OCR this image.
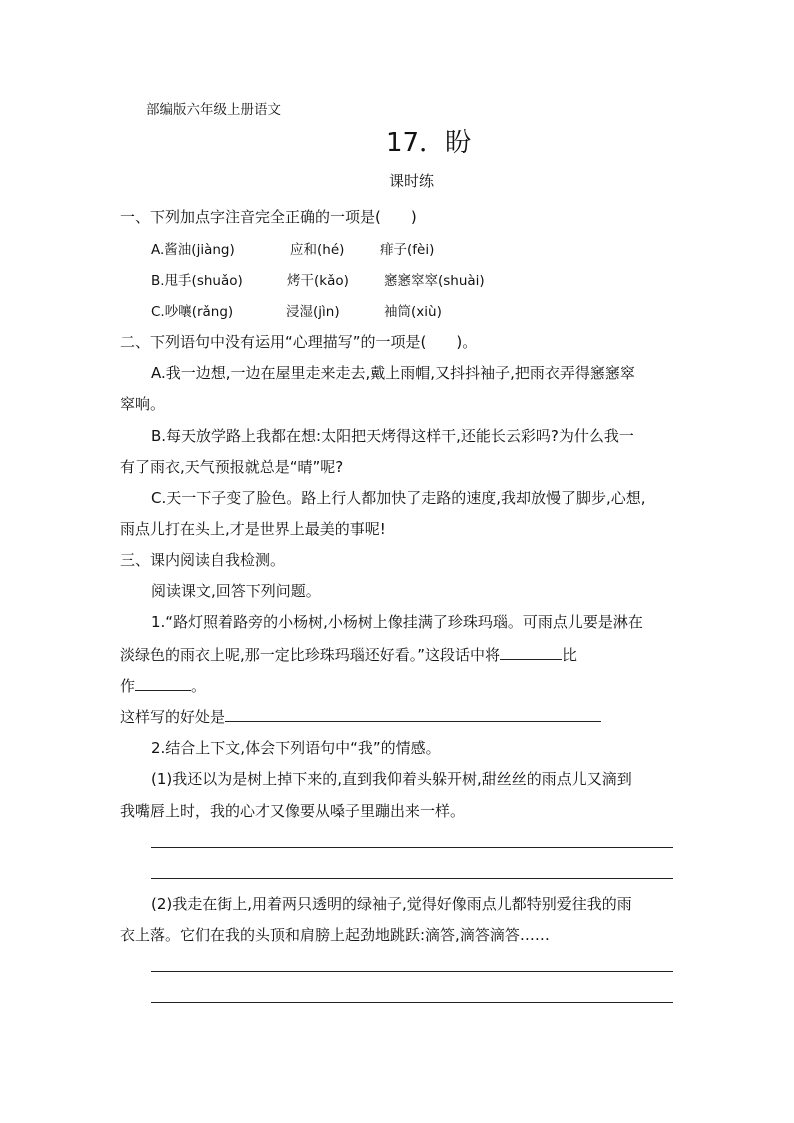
部编版六年级上册语文
17．盼
课时练
一、下列加点字注音完全正确的一项是(　　)
A.酱油(jiàng)	应和(hé)	痱子(fèi)
B.甩手(shuǎo)	烤干(kǎo)	窸窸窣窣(shuài)
C.吵嚷(rǎng)	浸湿(jìn)	袖筒(xiù)
二、下列语句中没有运用“心理描写”的一项是(　　)。
A.我一边想,一边在屋里走来走去,戴上雨帽,又抖抖袖子,把雨衣弄得窸窸窣
窣响。
B.每天放学路上我都在想:太阳把天烤得这样干,还能长云彩吗?为什么我一
有了雨衣,天气预报就总是“晴”呢?
C.天一下子变了脸色。路上行人都加快了走路的速度,我却放慢了脚步,心想,
雨点儿打在头上,才是世界上最美的事呢!
三、课内阅读自我检测。
阅读课文,回答下列问题。
1.“路灯照着路旁的小杨树,小杨树上像挂满了珍珠玛瑙。可雨点儿要是淋在
淡绿色的雨衣上呢,那一定比珍珠玛瑙还好看。”这段话中将	比
作	。
这样写的好处是
2.结合上下文,体会下列语句中“我”的情感。
(1)我还以为是树上掉下来的,直到我仰着头躲开树,甜丝丝的雨点儿又滴到
我嘴唇上时，我的心才又像要从嗓子里蹦出来一样。
(2)我走在街上,用着两只透明的绿袖子,觉得好像雨点儿都特别爱往我的雨
衣上落。它们在我的头顶和肩膀上起劲地跳跃:滴答,滴答滴答……
